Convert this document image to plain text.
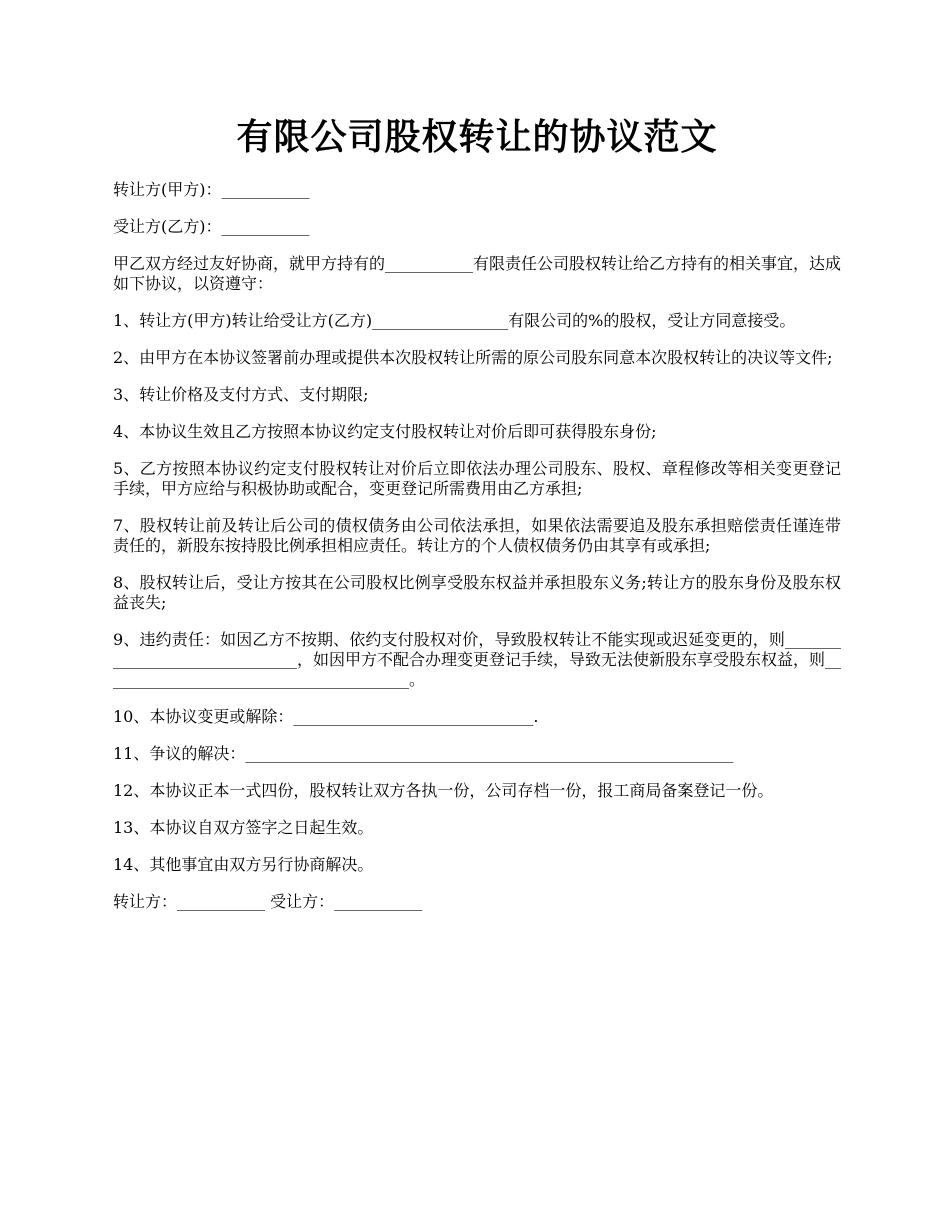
有限公司股权转让的协议范文

转让方(甲方)：___________

受让方(乙方)：___________

甲乙双方经过友好协商，就甲方持有的___________有限责任公司股权转让给乙方持有的相关事宜，达成如下协议，以资遵守：

1、转让方(甲方)转让给受让方(乙方)_________________有限公司的%的股权，受让方同意接受。

2、由甲方在本协议签署前办理或提供本次股权转让所需的原公司股东同意本次股权转让的决议等文件;

3、转让价格及支付方式、支付期限;

4、本协议生效且乙方按照本协议约定支付股权转让对价后即可获得股东身份;

5、乙方按照本协议约定支付股权转让对价后立即依法办理公司股东、股权、章程修改等相关变更登记手续，甲方应给与积极协助或配合，变更登记所需费用由乙方承担;

7、股权转让前及转让后公司的债权债务由公司依法承担，如果依法需要追及股东承担赔偿责任谨连带责任的，新股东按持股比例承担相应责任。转让方的个人债权债务仍由其享有或承担;

8、股权转让后，受让方按其在公司股权比例享受股东权益并承担股东义务;转让方的股东身份及股东权益丧失;

9、违约责任：如因乙方不按期、依约支付股权对价，导致股权转让不能实现或迟延变更的，则______________________________，如因甲方不配合办理变更登记手续，导致无法使新股东享受股东权益，则_______________________________________。

10、本协议变更或解除：______________________________.

11、争议的解决：_____________________________________________________________

12、本协议正本一式四份，股权转让双方各执一份，公司存档一份，报工商局备案登记一份。

13、本协议自双方签字之日起生效。

14、其他事宜由双方另行协商解决。

转让方：___________ 受让方：___________
